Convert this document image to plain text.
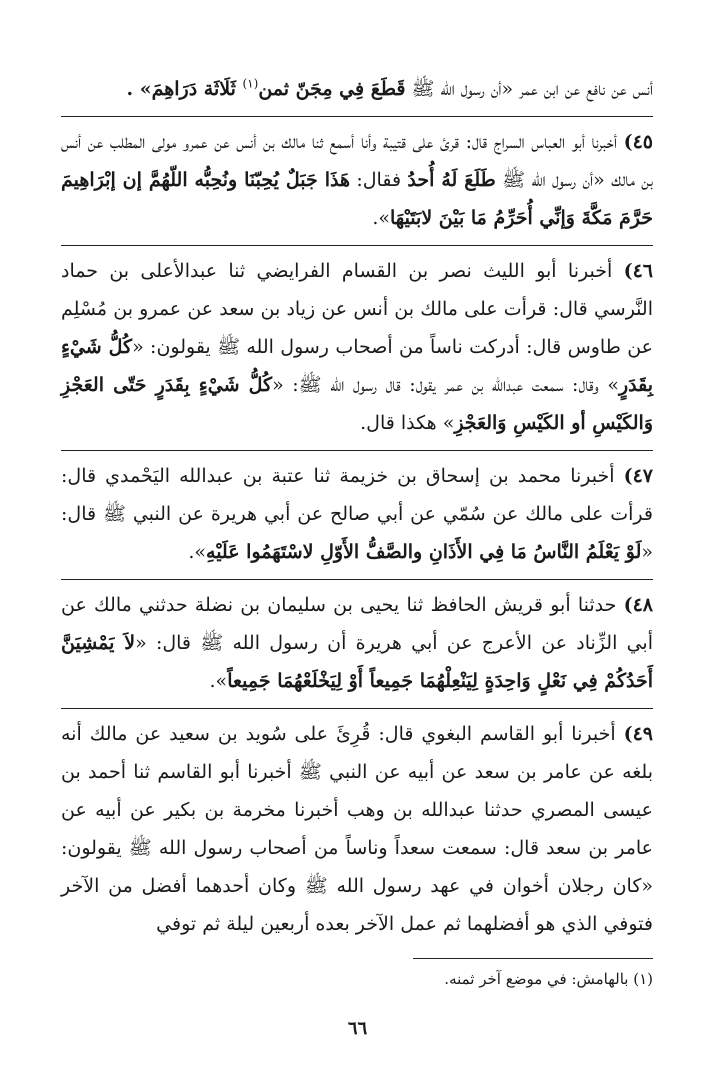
أنس عن نافع عن ابن عمر «أن رسول الله ﷺ قَطَعَ فِي مِجَنّ ثمن$^{(١)}$ ثَلَاثَة دَرَاهِمَ» .

٤٥) أخبرنا أبو العباس السراج قال: قرئ على قتيبة وأنا أسمع ثنا مالك بن أنس عن عمرو مولى المطلب عن أنس بن مالك «أن رسول الله ﷺ طَلَعَ لَهُ أُحدُ فقال: هَذَا جَبَلٌ يُحِبّنَا ونُحِبُّه اللّهُمَّ إن إبْرَاهِيمَ حَرَّمَ مَكَّةَ وَإنِّي أُحَرِّمُ مَا بَيْنَ لابَتَيْهَا».

٤٦) أخبرنا أبو الليث نصر بن القسام الفرايضي ثنا عبدالأعلى بن حماد النَّرسي قال: قرأت على مالك بن أنس عن زياد بن سعد عن عمرو بن مُسْلِم عن طاوس قال: أدركت ناساً من أصحاب رسول الله ﷺ يقولون: «كُلُّ شَيْءٍ بِقَدَرٍ» وقال: سمعت عبدالله بن عمر يقول: قال رسول الله ﷺ: «كُلُّ شَيْءٍ بِقَدَرٍ حَتّى العَجْزِ وَالكَيْسِ أو الكَيْسِ وَالعَجْزِ» هكذا قال.

٤٧) أخبرنا محمد بن إسحاق بن خزيمة ثنا عتبة بن عبدالله اليَحْمدي قال: قرأت على مالك عن سُمّي عن أبي صالح عن أبي هريرة عن النبي ﷺ قال: «لَوْ يَعْلَمُ النَّاسُ مَا فِي الأَذَانِ والصَّفُّ الأَوّلِ لاسْتَهَمُوا عَلَيْهِ».

٤٨) حدثنا أبو قريش الحافظ ثنا يحيى بن سليمان بن نضلة حدثني مالك عن أبي الزِّناد عن الأعرج عن أبي هريرة أن رسول الله ﷺ قال: «لاَ يَمْشِيَنَّ أَحَدُكُمْ فِي نَعْلٍ وَاحِدَةٍ لِيَنْعِلْهُمَا جَمِيعاً أَوْ لِيَخْلَعْهُمَا جَمِيعاً».

٤٩) أخبرنا أبو القاسم البغوي قال: قُرِئَ على سُويد بن سعيد عن مالك أنه بلغه عن عامر بن سعد عن أبيه عن النبي ﷺ أخبرنا أبو القاسم ثنا أحمد بن عيسى المصري حدثنا عبدالله بن وهب أخبرنا مخرمة بن بكير عن أبيه عن عامر بن سعد قال: سمعت سعداً وناساً من أصحاب رسول الله ﷺ يقولون: «كان رجلان أخوان في عهد رسول الله ﷺ وكان أحدهما أفضل من الآخر فتوفي الذي هو أفضلهما ثم عمل الآخر بعده أربعين ليلة ثم توفي

(١) بالهامش: في موضع آخر ثمنه.
٦٦
